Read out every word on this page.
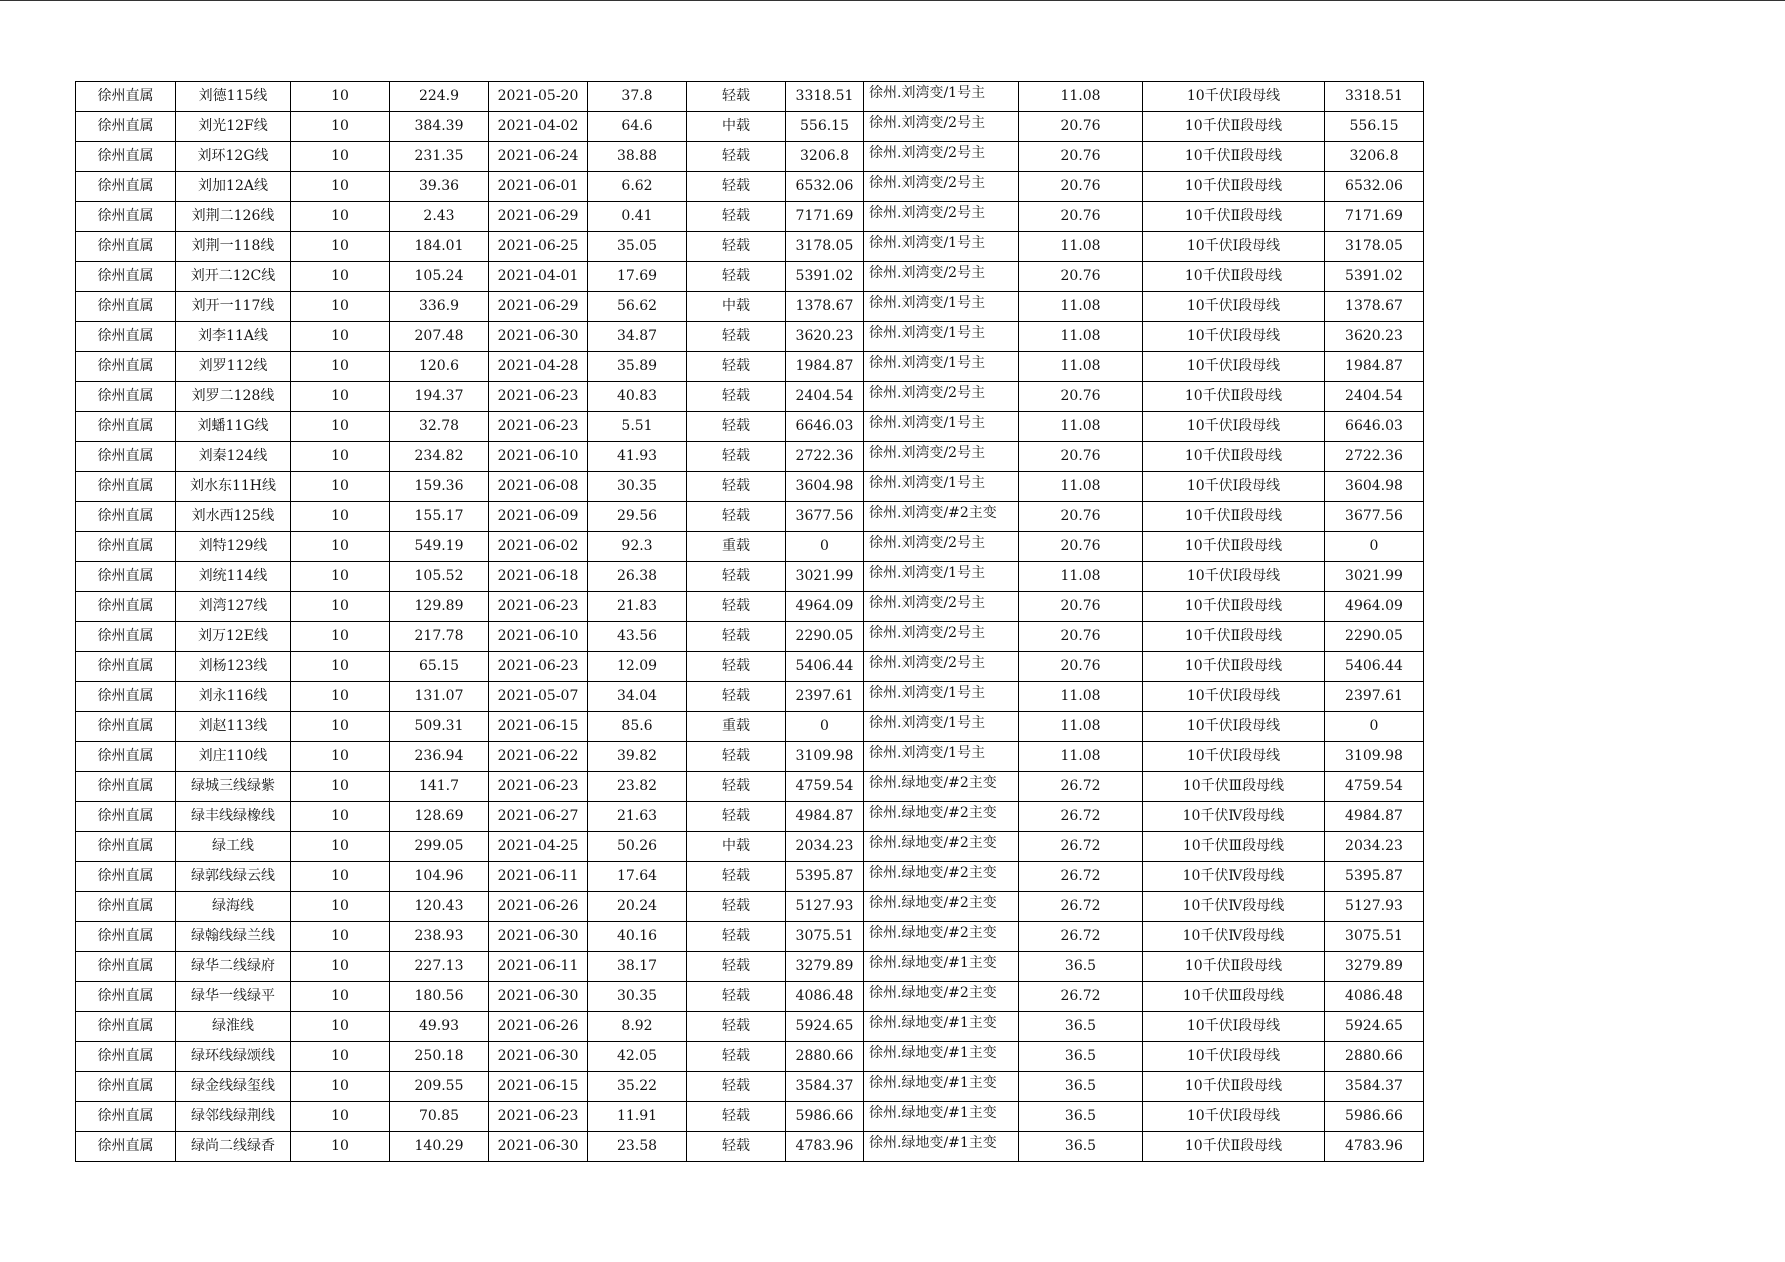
徐州直属	刘德115线	10	224.9	2021-05-20	37.8	轻载	3318.51	徐州.刘湾变/1号主	11.08	10千伏Ⅰ段母线	3318.51
徐州直属	刘光12F线	10	384.39	2021-04-02	64.6	中载	556.15	徐州.刘湾变/2号主	20.76	10千伏Ⅱ段母线	556.15
徐州直属	刘环12G线	10	231.35	2021-06-24	38.88	轻载	3206.8	徐州.刘湾变/2号主	20.76	10千伏Ⅱ段母线	3206.8
徐州直属	刘加12A线	10	39.36	2021-06-01	6.62	轻载	6532.06	徐州.刘湾变/2号主	20.76	10千伏Ⅱ段母线	6532.06
徐州直属	刘荆二126线	10	2.43	2021-06-29	0.41	轻载	7171.69	徐州.刘湾变/2号主	20.76	10千伏Ⅱ段母线	7171.69
徐州直属	刘荆一118线	10	184.01	2021-06-25	35.05	轻载	3178.05	徐州.刘湾变/1号主	11.08	10千伏Ⅰ段母线	3178.05
徐州直属	刘开二12C线	10	105.24	2021-04-01	17.69	轻载	5391.02	徐州.刘湾变/2号主	20.76	10千伏Ⅱ段母线	5391.02
徐州直属	刘开一117线	10	336.9	2021-06-29	56.62	中载	1378.67	徐州.刘湾变/1号主	11.08	10千伏Ⅰ段母线	1378.67
徐州直属	刘李11A线	10	207.48	2021-06-30	34.87	轻载	3620.23	徐州.刘湾变/1号主	11.08	10千伏Ⅰ段母线	3620.23
徐州直属	刘罗112线	10	120.6	2021-04-28	35.89	轻载	1984.87	徐州.刘湾变/1号主	11.08	10千伏Ⅰ段母线	1984.87
徐州直属	刘罗二128线	10	194.37	2021-06-23	40.83	轻载	2404.54	徐州.刘湾变/2号主	20.76	10千伏Ⅱ段母线	2404.54
徐州直属	刘蟠11G线	10	32.78	2021-06-23	5.51	轻载	6646.03	徐州.刘湾变/1号主	11.08	10千伏Ⅰ段母线	6646.03
徐州直属	刘秦124线	10	234.82	2021-06-10	41.93	轻载	2722.36	徐州.刘湾变/2号主	20.76	10千伏Ⅱ段母线	2722.36
徐州直属	刘水东11H线	10	159.36	2021-06-08	30.35	轻载	3604.98	徐州.刘湾变/1号主	11.08	10千伏Ⅰ段母线	3604.98
徐州直属	刘水西125线	10	155.17	2021-06-09	29.56	轻载	3677.56	徐州.刘湾变/#2主变	20.76	10千伏Ⅱ段母线	3677.56
徐州直属	刘特129线	10	549.19	2021-06-02	92.3	重载	0	徐州.刘湾变/2号主	20.76	10千伏Ⅱ段母线	0
徐州直属	刘统114线	10	105.52	2021-06-18	26.38	轻载	3021.99	徐州.刘湾变/1号主	11.08	10千伏Ⅰ段母线	3021.99
徐州直属	刘湾127线	10	129.89	2021-06-23	21.83	轻载	4964.09	徐州.刘湾变/2号主	20.76	10千伏Ⅱ段母线	4964.09
徐州直属	刘万12E线	10	217.78	2021-06-10	43.56	轻载	2290.05	徐州.刘湾变/2号主	20.76	10千伏Ⅱ段母线	2290.05
徐州直属	刘杨123线	10	65.15	2021-06-23	12.09	轻载	5406.44	徐州.刘湾变/2号主	20.76	10千伏Ⅱ段母线	5406.44
徐州直属	刘永116线	10	131.07	2021-05-07	34.04	轻载	2397.61	徐州.刘湾变/1号主	11.08	10千伏Ⅰ段母线	2397.61
徐州直属	刘赵113线	10	509.31	2021-06-15	85.6	重载	0	徐州.刘湾变/1号主	11.08	10千伏Ⅰ段母线	0
徐州直属	刘庄110线	10	236.94	2021-06-22	39.82	轻载	3109.98	徐州.刘湾变/1号主	11.08	10千伏Ⅰ段母线	3109.98
徐州直属	绿城三线绿紫	10	141.7	2021-06-23	23.82	轻载	4759.54	徐州.绿地变/#2主变	26.72	10千伏Ⅲ段母线	4759.54
徐州直属	绿丰线绿橡线	10	128.69	2021-06-27	21.63	轻载	4984.87	徐州.绿地变/#2主变	26.72	10千伏Ⅳ段母线	4984.87
徐州直属	绿工线	10	299.05	2021-04-25	50.26	中载	2034.23	徐州.绿地变/#2主变	26.72	10千伏Ⅲ段母线	2034.23
徐州直属	绿郭线绿云线	10	104.96	2021-06-11	17.64	轻载	5395.87	徐州.绿地变/#2主变	26.72	10千伏Ⅳ段母线	5395.87
徐州直属	绿海线	10	120.43	2021-06-26	20.24	轻载	5127.93	徐州.绿地变/#2主变	26.72	10千伏Ⅳ段母线	5127.93
徐州直属	绿翰线绿兰线	10	238.93	2021-06-30	40.16	轻载	3075.51	徐州.绿地变/#2主变	26.72	10千伏Ⅳ段母线	3075.51
徐州直属	绿华二线绿府	10	227.13	2021-06-11	38.17	轻载	3279.89	徐州.绿地变/#1主变	36.5	10千伏Ⅱ段母线	3279.89
徐州直属	绿华一线绿平	10	180.56	2021-06-30	30.35	轻载	4086.48	徐州.绿地变/#2主变	26.72	10千伏Ⅲ段母线	4086.48
徐州直属	绿淮线	10	49.93	2021-06-26	8.92	轻载	5924.65	徐州.绿地变/#1主变	36.5	10千伏Ⅰ段母线	5924.65
徐州直属	绿环线绿颂线	10	250.18	2021-06-30	42.05	轻载	2880.66	徐州.绿地变/#1主变	36.5	10千伏Ⅰ段母线	2880.66
徐州直属	绿金线绿玺线	10	209.55	2021-06-15	35.22	轻载	3584.37	徐州.绿地变/#1主变	36.5	10千伏Ⅱ段母线	3584.37
徐州直属	绿邻线绿荆线	10	70.85	2021-06-23	11.91	轻载	5986.66	徐州.绿地变/#1主变	36.5	10千伏Ⅰ段母线	5986.66
徐州直属	绿尚二线绿香	10	140.29	2021-06-30	23.58	轻载	4783.96	徐州.绿地变/#1主变	36.5	10千伏Ⅱ段母线	4783.96
